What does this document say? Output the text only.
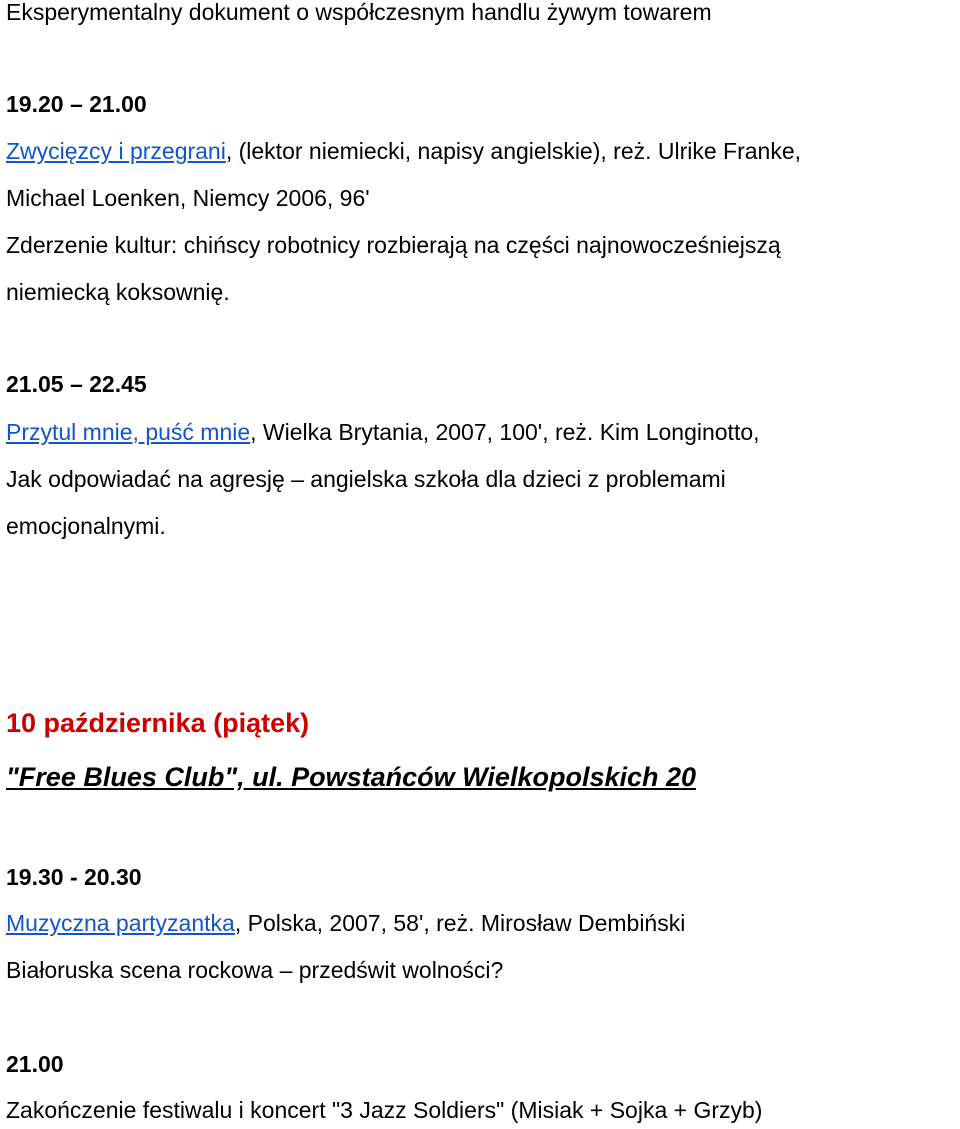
Eksperymentalny dokument o współczesnym handlu żywym towarem
19.20 – 21.00
Zwycięzcy i przegrani, (lektor niemiecki, napisy angielskie), reż. Ulrike Franke,
Michael Loenken, Niemcy 2006, 96'
Zderzenie kultur: chińscy robotnicy rozbierają na części najnowocześniejszą
niemiecką koksownię.
21.05 – 22.45
Przytul mnie, puść mnie, Wielka Brytania, 2007, 100', reż. Kim Longinotto,
Jak odpowiadać na agresję – angielska szkoła dla dzieci z problemami
emocjonalnymi.
10 października (piątek)
"Free Blues Club", ul. Powstańców Wielkopolskich 20
19.30 - 20.30
Muzyczna partyzantka, Polska, 2007, 58', reż. Mirosław Dembiński
Białoruska scena rockowa – przedświt wolności?
21.00
Zakończenie festiwalu i koncert "3 Jazz Soldiers" (Misiak + Sojka + Grzyb)
